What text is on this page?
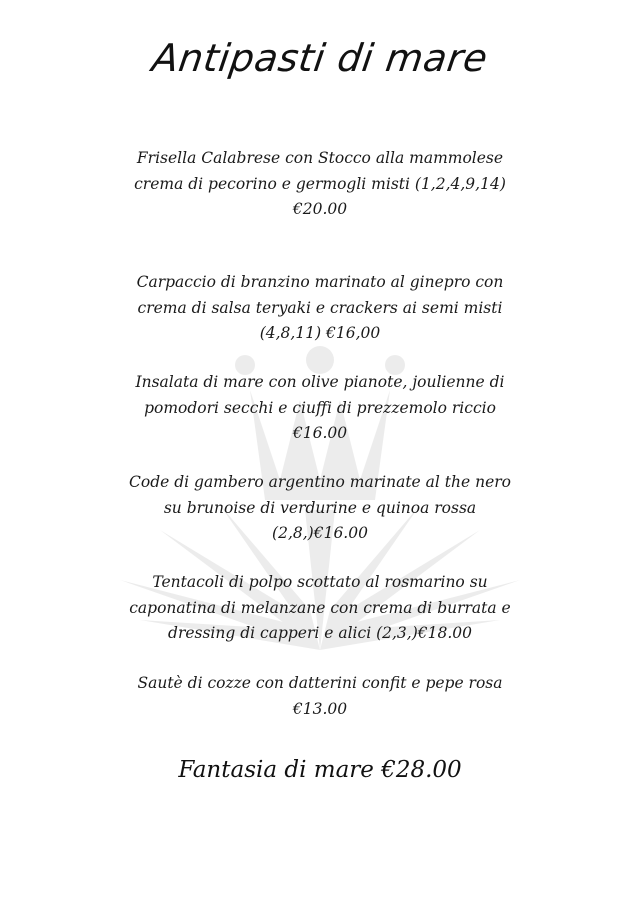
Antipasti di mare
Frisella Calabrese con Stocco alla mammolese
crema di pecorino e germogli misti (1,2,4,9,14)
€20.00
Carpaccio di branzino marinato al ginepro con
crema di salsa teryaki e crackers ai semi misti
(4,8,11) €16,00
Insalata di mare con olive pianote, joulienne di
pomodori secchi e ciuffi di prezzemolo riccio
€16.00
Code di gambero argentino marinate al the nero
su brunoise di verdurine e quinoa rossa
(2,8,)€16.00
Tentacoli di polpo scottato al rosmarino su
caponatina di melanzane con crema di burrata e
dressing di capperi e alici (2,3,)€18.00
Sautè di cozze con datterini confit e pepe rosa
€13.00
Fantasia di mare €28.00
